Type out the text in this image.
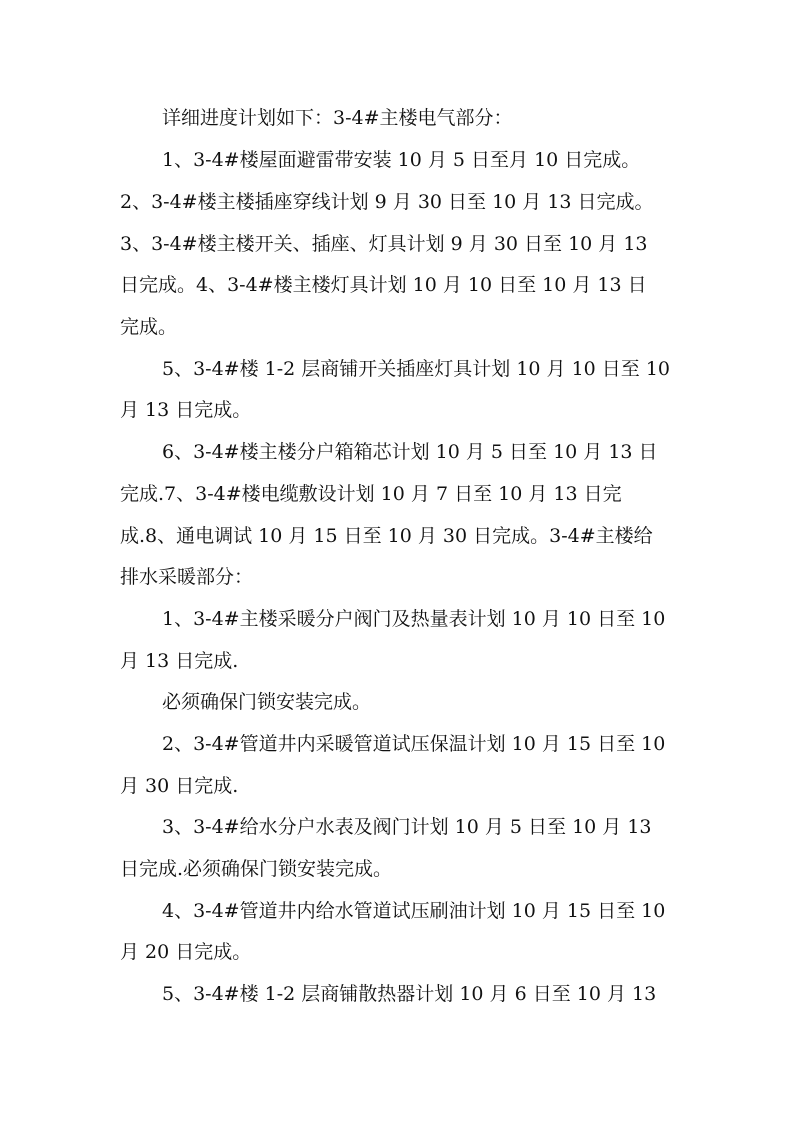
详细进度计划如下：3-4#主楼电气部分：
1、3-4#楼屋面避雷带安装 10 月 5 日至月 10 日完成。
2、3-4#楼主楼插座穿线计划 9 月 30 日至 10 月 13 日完成。
3、3-4#楼主楼开关、插座、灯具计划 9 月 30 日至 10 月 13
日完成。4、3-4#楼主楼灯具计划 10 月 10 日至 10 月 13 日
完成。
5、3-4#楼 1-2 层商铺开关插座灯具计划 10 月 10 日至 10
月 13 日完成。
6、3-4#楼主楼分户箱箱芯计划 10 月 5 日至 10 月 13 日
完成.7、3-4#楼电缆敷设计划 10 月 7 日至 10 月 13 日完
成.8、通电调试 10 月 15 日至 10 月 30 日完成。3-4#主楼给
排水采暖部分：
1、3-4#主楼采暖分户阀门及热量表计划 10 月 10 日至 10
月 13 日完成.
必须确保门锁安装完成。
2、3-4#管道井内采暖管道试压保温计划 10 月 15 日至 10
月 30 日完成.
3、3-4#给水分户水表及阀门计划 10 月 5 日至 10 月 13
日完成.必须确保门锁安装完成。
4、3-4#管道井内给水管道试压刷油计划 10 月 15 日至 10
月 20 日完成。
5、3-4#楼 1-2 层商铺散热器计划 10 月 6 日至 10 月 13
